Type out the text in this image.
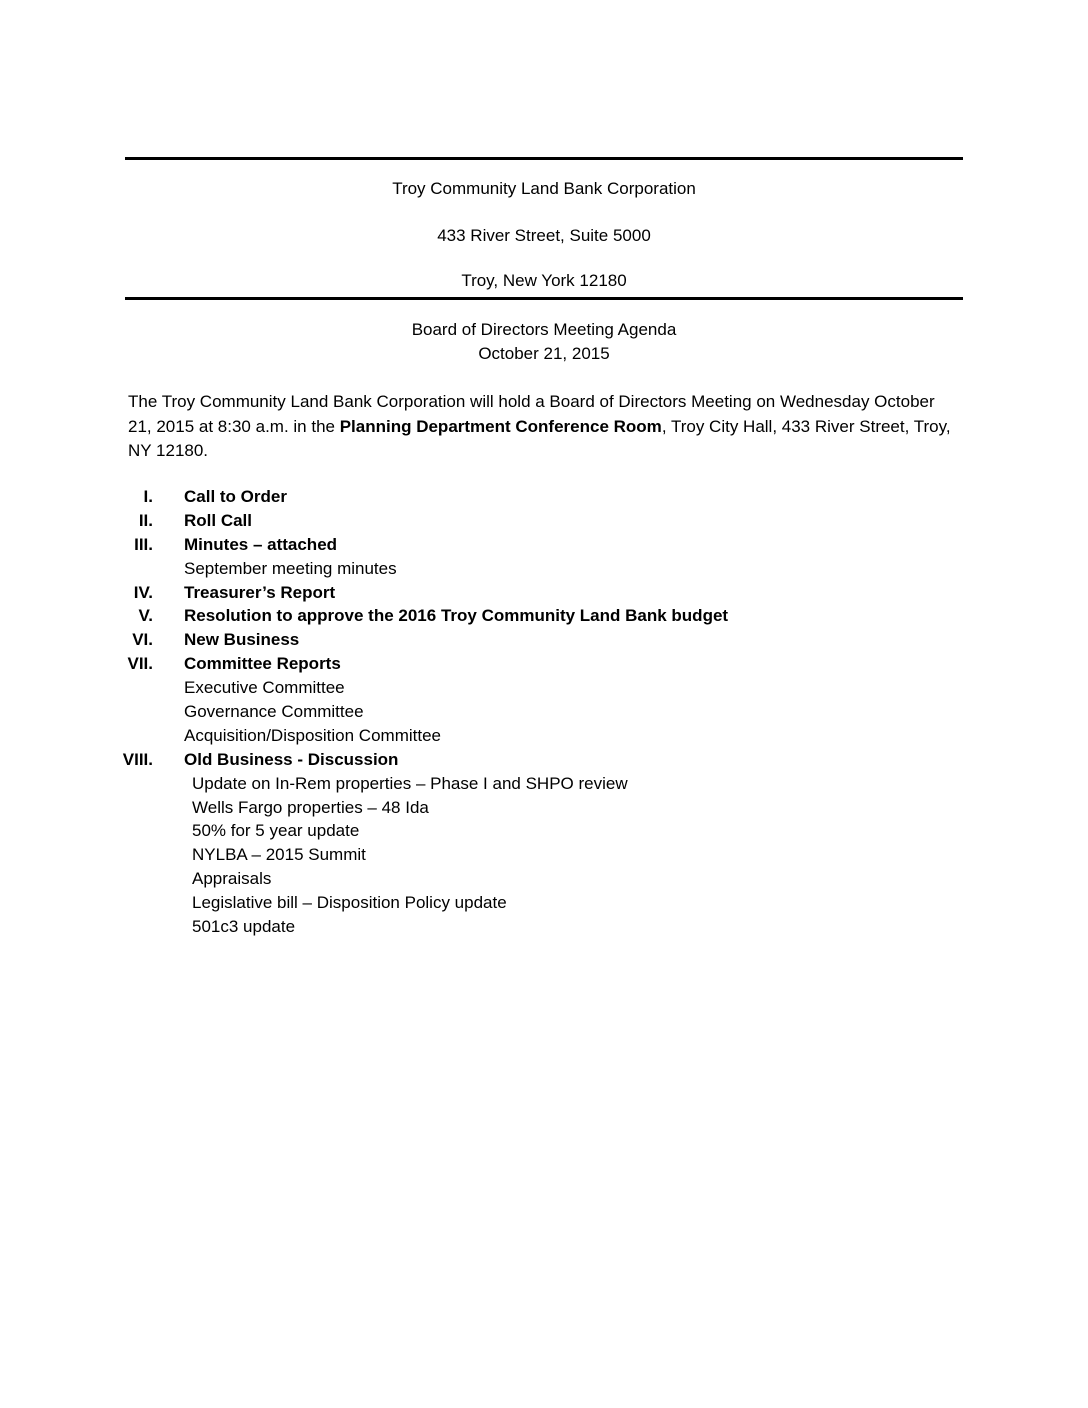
Troy Community Land Bank Corporation
433 River Street, Suite 5000
Troy, New York 12180
Board of Directors Meeting Agenda
October 21, 2015
The Troy Community Land Bank Corporation will hold a Board of Directors Meeting on Wednesday October 21, 2015 at 8:30 a.m. in the Planning Department Conference Room, Troy City Hall, 433 River Street, Troy, NY 12180.
I. Call to Order
II. Roll Call
III. Minutes – attached
September meeting minutes
IV. Treasurer’s Report
V. Resolution to approve the 2016 Troy Community Land Bank budget
VI. New Business
VII. Committee Reports
Executive Committee
Governance Committee
Acquisition/Disposition Committee
VIII. Old Business - Discussion
Update on In-Rem properties – Phase I and SHPO review
Wells Fargo properties – 48 Ida
50% for 5 year update
NYLBA – 2015 Summit
Appraisals
Legislative bill – Disposition Policy update
501c3 update
